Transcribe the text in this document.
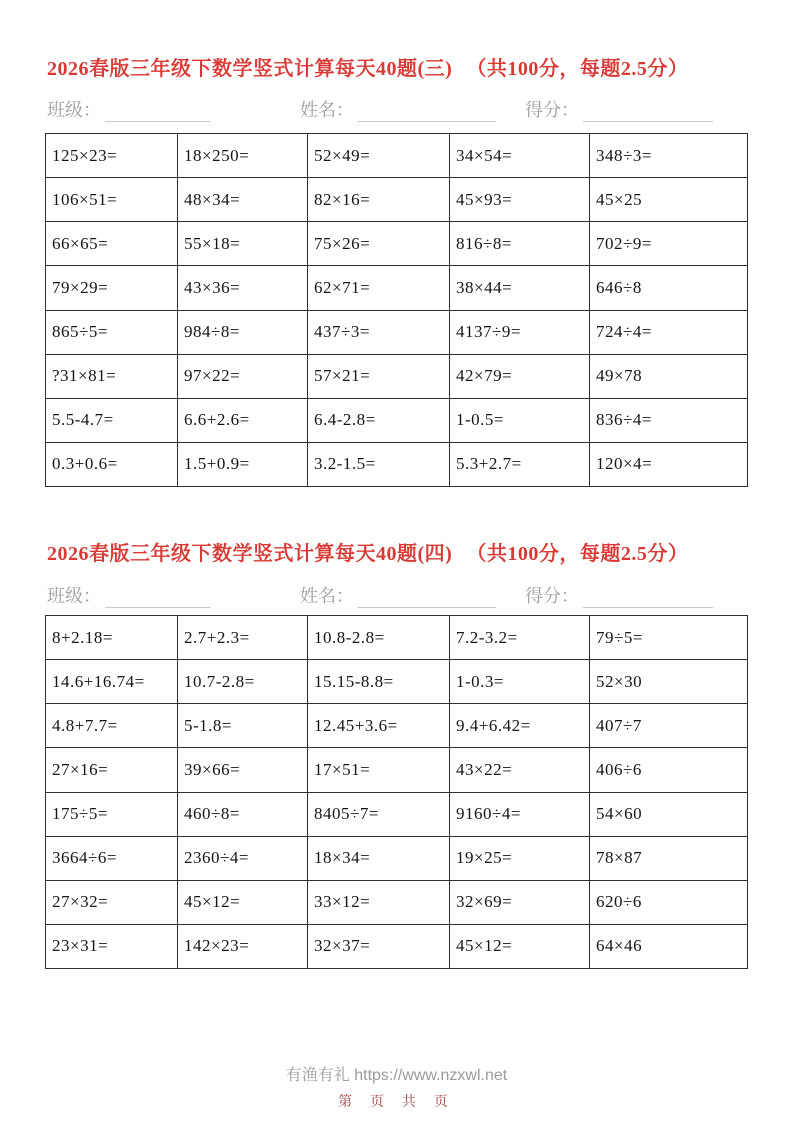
2026春版三年级下数学竖式计算每天40题(三) （共100分，每题2.5分）
班级：	姓名：	得分：
125×23=	18×250=	52×49=	34×54=	348÷3=
106×51=	48×34=	82×16=	45×93=	45×25
66×65=	55×18=	75×26=	816÷8=	702÷9=
79×29=	43×36=	62×71=	38×44=	646÷8
865÷5=	984÷8=	437÷3=	4137÷9=	724÷4=
?31×81=	97×22=	57×21=	42×79=	49×78
5.5-4.7=	6.6+2.6=	6.4-2.8=	1-0.5=	836÷4=
0.3+0.6=	1.5+0.9=	3.2-1.5=	5.3+2.7=	120×4=
2026春版三年级下数学竖式计算每天40题(四) （共100分，每题2.5分）
班级：	姓名：	得分：
8+2.18=	2.7+2.3=	10.8-2.8=	7.2-3.2=	79÷5=
14.6+16.74=	10.7-2.8=	15.15-8.8=	1-0.3=	52×30
4.8+7.7=	5-1.8=	12.45+3.6=	9.4+6.42=	407÷7
27×16=	39×66=	17×51=	43×22=	406÷6
175÷5=	460÷8=	8405÷7=	9160÷4=	54×60
3664÷6=	2360÷4=	18×34=	19×25=	78×87
27×32=	45×12=	33×12=	32×69=	620÷6
23×31=	142×23=	32×37=	45×12=	64×46
有渔有礼 https://www.nzxwl.net
第 页 共 页
